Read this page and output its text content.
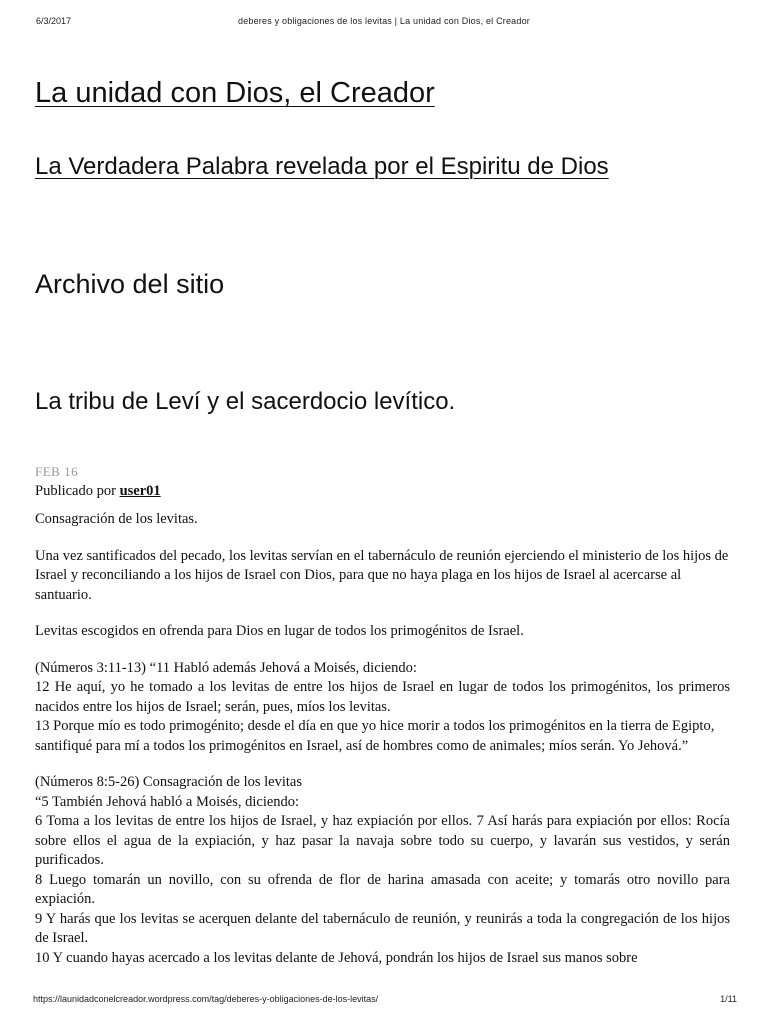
6/3/2017	deberes y obligaciones de los levitas | La unidad con Dios, el Creador
La unidad con Dios, el Creador
La Verdadera Palabra revelada por el Espiritu de Dios
Archivo del sitio
La tribu de Leví y el sacerdocio levítico.
FEB 16
Publicado por user01

Consagración de los levitas.

Una vez santificados del pecado, los levitas servían en el tabernáculo de reunión ejerciendo el ministerio de los hijos de Israel y reconciliando a los hijos de Israel con Dios, para que no haya plaga en los hijos de Israel al acercarse al santuario.

Levitas escogidos en ofrenda para Dios en lugar de todos los primogénitos de Israel.

(Números 3:11-13) “11 Habló además Jehová a Moisés, diciendo:
12 He aquí, yo he tomado a los levitas de entre los hijos de Israel en lugar de todos los primogénitos, los primeros nacidos entre los hijos de Israel; serán, pues, míos los levitas.
13 Porque mío es todo primogénito; desde el día en que yo hice morir a todos los primogénitos en la tierra de Egipto, santifiqué para mí a todos los primogénitos en Israel, así de hombres como de animales; míos serán. Yo Jehová.”

(Números 8:5-26) Consagración de los levitas
“5 También Jehová habló a Moisés, diciendo:
6 Toma a los levitas de entre los hijos de Israel, y haz expiación por ellos. 7 Así harás para expiación por ellos: Rocía sobre ellos el agua de la expiación, y haz pasar la navaja sobre todo su cuerpo, y lavarán sus vestidos, y serán purificados.
8 Luego tomarán un novillo, con su ofrenda de flor de harina amasada con aceite; y tomarás otro novillo para expiación.
9 Y harás que los levitas se acerquen delante del tabernáculo de reunión, y reunirás a toda la congregación de los hijos de Israel.
10 Y cuando hayas acercado a los levitas delante de Jehová, pondrán los hijos de Israel sus manos sobre

https://launidadconelcreador.wordpress.com/tag/deberes-y-obligaciones-de-los-levitas/	1/11
